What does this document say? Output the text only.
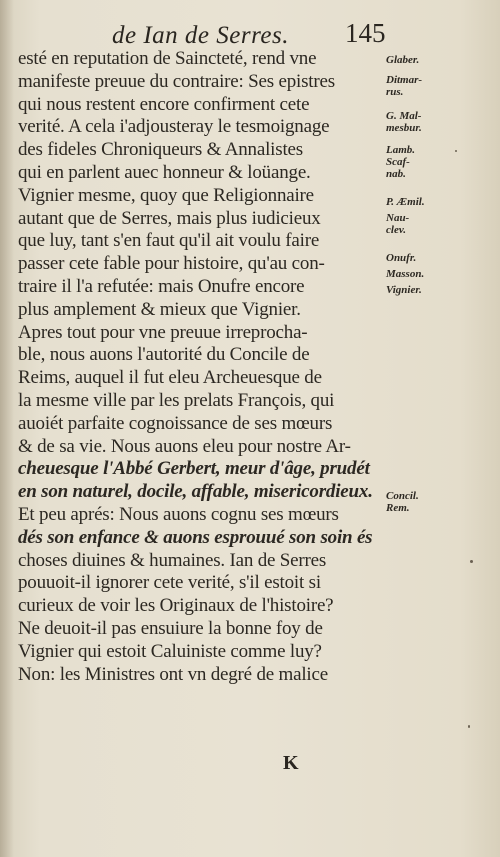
de Ian de Serres. 145
esté en reputation de Saincteté, rend vne
manifeste preuue du contraire: Ses epistres
qui nous restent encore confirment cete
verité. A cela i'adjousteray le tesmoignage
des fideles Chroniqueurs & Annalistes
qui en parlent auec honneur & loüange.
Vignier mesme, quoy que Religionnaire
autant que de Serres, mais plus iudicieux
que luy, tant s'en faut qu'il ait voulu faire
passer cete fable pour histoire, qu'au con-
traire il l'a refutée: mais Onufre encore
plus amplement & mieux que Vignier.
Apres tout pour vne preuue irreprocha-
ble, nous auons l'autorité du Concile de
Reims, auquel il fut eleu Archeuesque de
la mesme ville par les prelats François, qui
auoiét parfaite cognoissance de ses mœurs
& de sa vie. Nous auons eleu pour nostre Ar-
cheuesque l'Abbé Gerbert, meur d'âge, prudét
en son naturel, docile, affable, misericordieux.
Et peu aprés: Nous auons cognu ses mœurs
dés son enfance & auons esprouué son soin és
choses diuines & humaines. Ian de Serres
pouuoit-il ignorer cete verité, s'il estoit si
curieux de voir les Originaux de l'histoire?
Ne deuoit-il pas ensuiure la bonne foy de
Vignier qui estoit Caluiniste comme luy?
Non: les Ministres ont vn degré de malice
Glaber.
Ditmar-
rus.
G. Mal-
mesbur.
Lamb.
Scaf-
nab.
P. Æmil.
Nau-
clev.
Onufr.
Masson.
Vignier.
Concil.
Rem.
K
